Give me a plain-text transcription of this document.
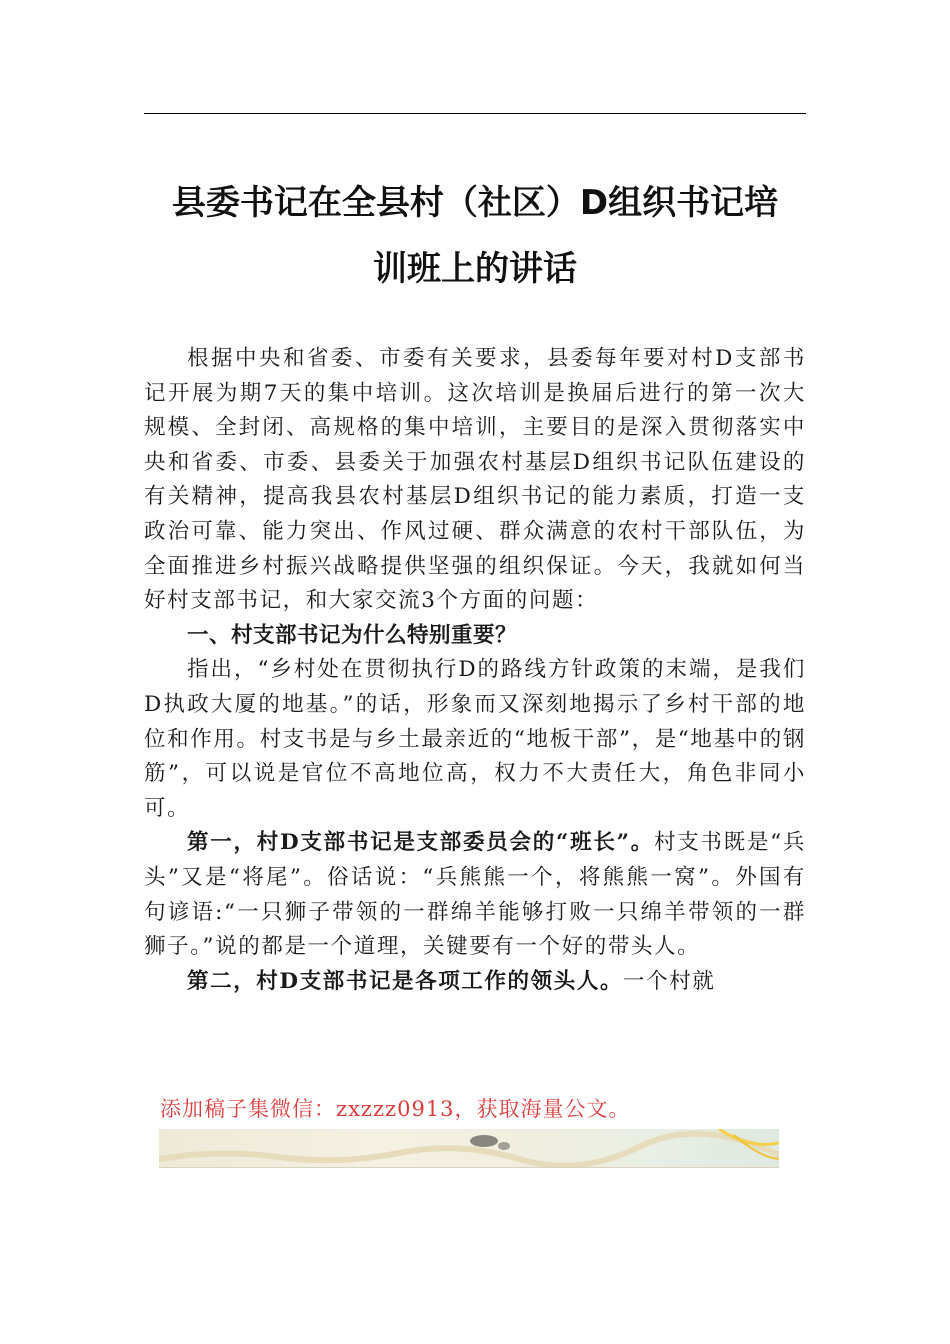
县委书记在全县村（社区）D组织书记培
训班上的讲话

根据中央和省委、市委有关要求，县委每年要对村D支部书记开展为期7天的集中培训。这次培训是换届后进行的第一次大规模、全封闭、高规格的集中培训，主要目的是深入贯彻落实中央和省委、市委、县委关于加强农村基层D组织书记队伍建设的有关精神，提高我县农村基层D组织书记的能力素质，打造一支政治可靠、能力突出、作风过硬、群众满意的农村干部队伍，为全面推进乡村振兴战略提供坚强的组织保证。今天，我就如何当好村支部书记，和大家交流3个方面的问题：

一、村支部书记为什么特别重要？

指出，“乡村处在贯彻执行D的路线方针政策的末端，是我们D执政大厦的地基。”的话，形象而又深刻地揭示了乡村干部的地位和作用。村支书是与乡土最亲近的“地板干部”，是“地基中的钢筋”，可以说是官位不高地位高，权力不大责任大，角色非同小可。

第一，村D支部书记是支部委员会的“班长”。村支书既是“兵头”又是“将尾”。俗话说：“兵熊熊一个，将熊熊一窝”。外国有句谚语:“一只狮子带领的一群绵羊能够打败一只绵羊带领的一群狮子。”说的都是一个道理，关键要有一个好的带头人。

第二，村D支部书记是各项工作的领头人。一个村就

添加稿子集微信：zxzzz0913，获取海量公文。
